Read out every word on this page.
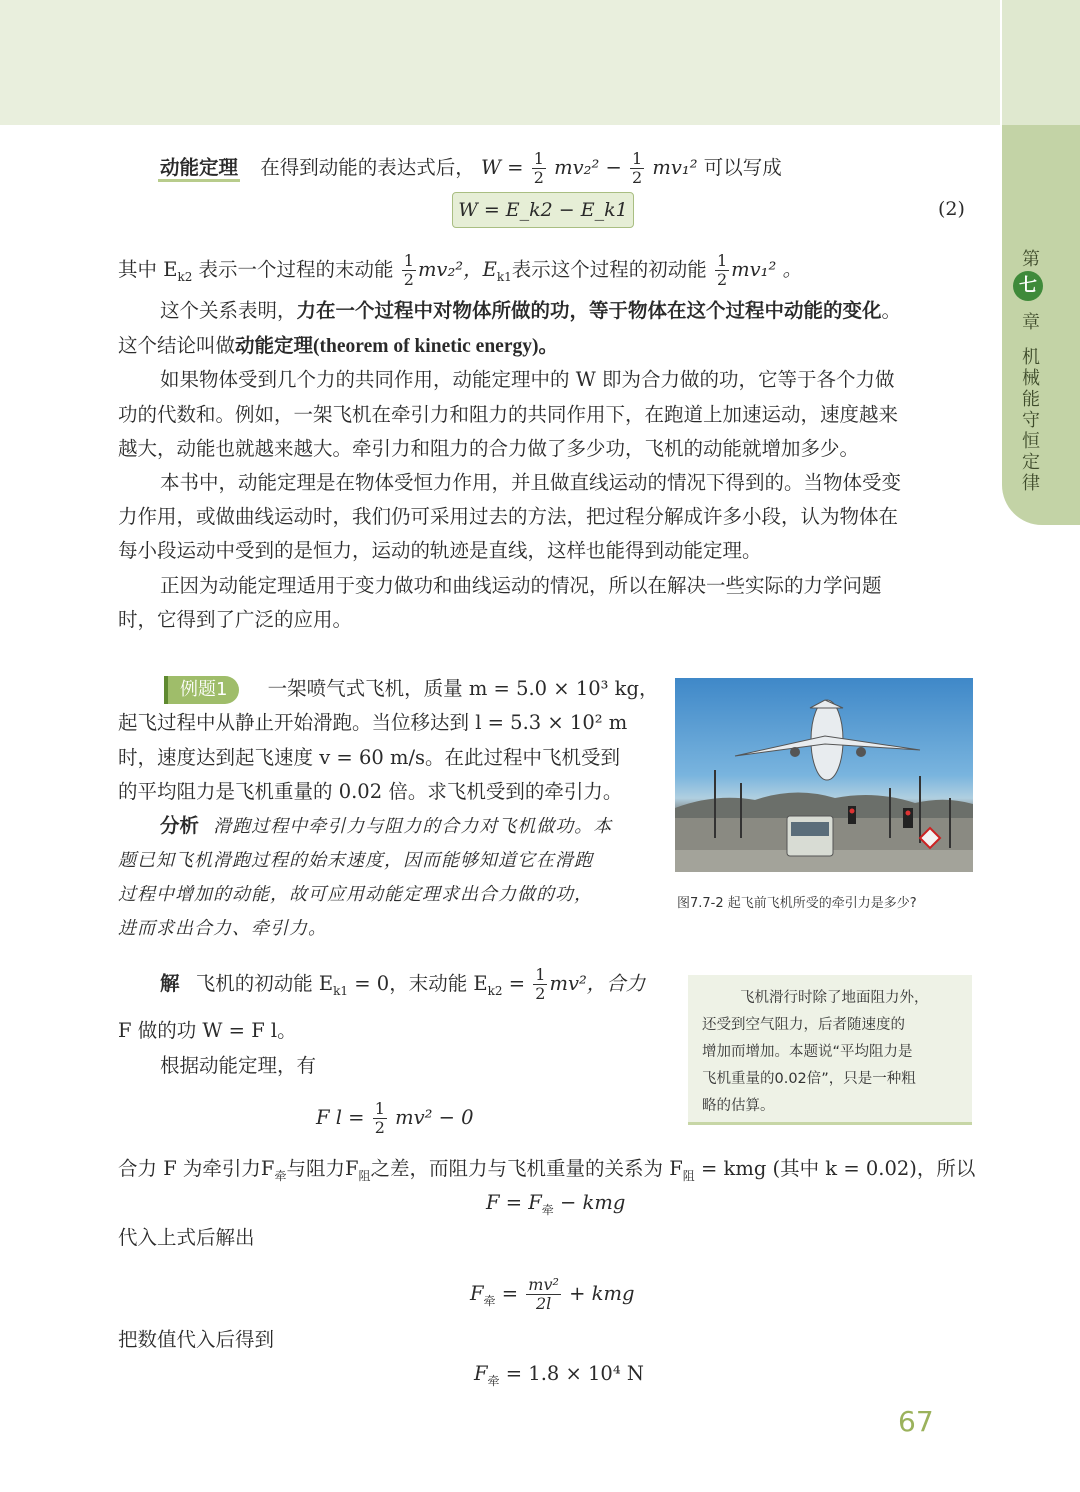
第
七
章
机械能守恒定律
动能定理 在得到动能的表达式后， $W = \frac{1}{2} mv_2^2 - \frac{1}{2} mv_1^2$ 可以写成
W = E_k2 − E_k1	(2)
其中 $E_{k2}$ 表示一个过程的末动能 $\frac{1}{2} mv_2^2$，$E_{k1}$表示这个过程的初动能 $\frac{1}{2} mv_1^2$ 。
这个关系表明，力在一个过程中对物体所做的功，等于物体在这个过程中动能的变化。
这个结论叫做动能定理(theorem of kinetic energy)。
如果物体受到几个力的共同作用，动能定理中的 W 即为合力做的功，它等于各个力做
功的代数和。例如，一架飞机在牵引力和阻力的共同作用下，在跑道上加速运动，速度越来
越大，动能也就越来越大。牵引力和阻力的合力做了多少功，飞机的动能就增加多少。
本书中，动能定理是在物体受恒力作用，并且做直线运动的情况下得到的。当物体受变
力作用，或做曲线运动时，我们仍可采用过去的方法，把过程分解成许多小段，认为物体在
每小段运动中受到的是恒力，运动的轨迹是直线，这样也能得到动能定理。
正因为动能定理适用于变力做功和曲线运动的情况，所以在解决一些实际的力学问题
时，它得到了广泛的应用。
例题1 一架喷气式飞机，质量 m = 5.0 × 10³ kg，
起飞过程中从静止开始滑跑。当位移达到 l = 5.3 × 10² m
时，速度达到起飞速度 v = 60 m/s。在此过程中飞机受到
的平均阻力是飞机重量的 0.02 倍。求飞机受到的牵引力。
分析 滑跑过程中牵引力与阻力的合力对飞机做功。本
题已知飞机滑跑过程的始末速度，因而能够知道它在滑跑
过程中增加的动能，故可应用动能定理求出合力做的功，
进而求出合力、牵引力。
图7.7-2 起飞前飞机所受的牵引力是多少?
飞机滑行时除了地面阻力外，
还受到空气阻力，后者随速度的
增加而增加。本题说“平均阻力是
飞机重量的0.02倍”，只是一种粗
略的估算。
解 飞机的初动能 $E_{k1} = 0$，末动能 $E_{k2} = \frac{1}{2} mv^2$，合力
F 做的功 W = F l。
根据动能定理，有
F $l = \frac{1}{2} mv^2 - 0$
合力 F 为牵引力$F_牵$与阻力$F_阻$之差，而阻力与飞机重量的关系为 $F_阻$ = kmg (其中 k = 0.02)，所以
$F = F_牵$ − kmg
代入上式后解出
$F_牵 = \frac{\text{mv²}}{2l}$ + kmg
把数值代入后得到
$F_牵 = 1.8 \times 10^4$ N
67
